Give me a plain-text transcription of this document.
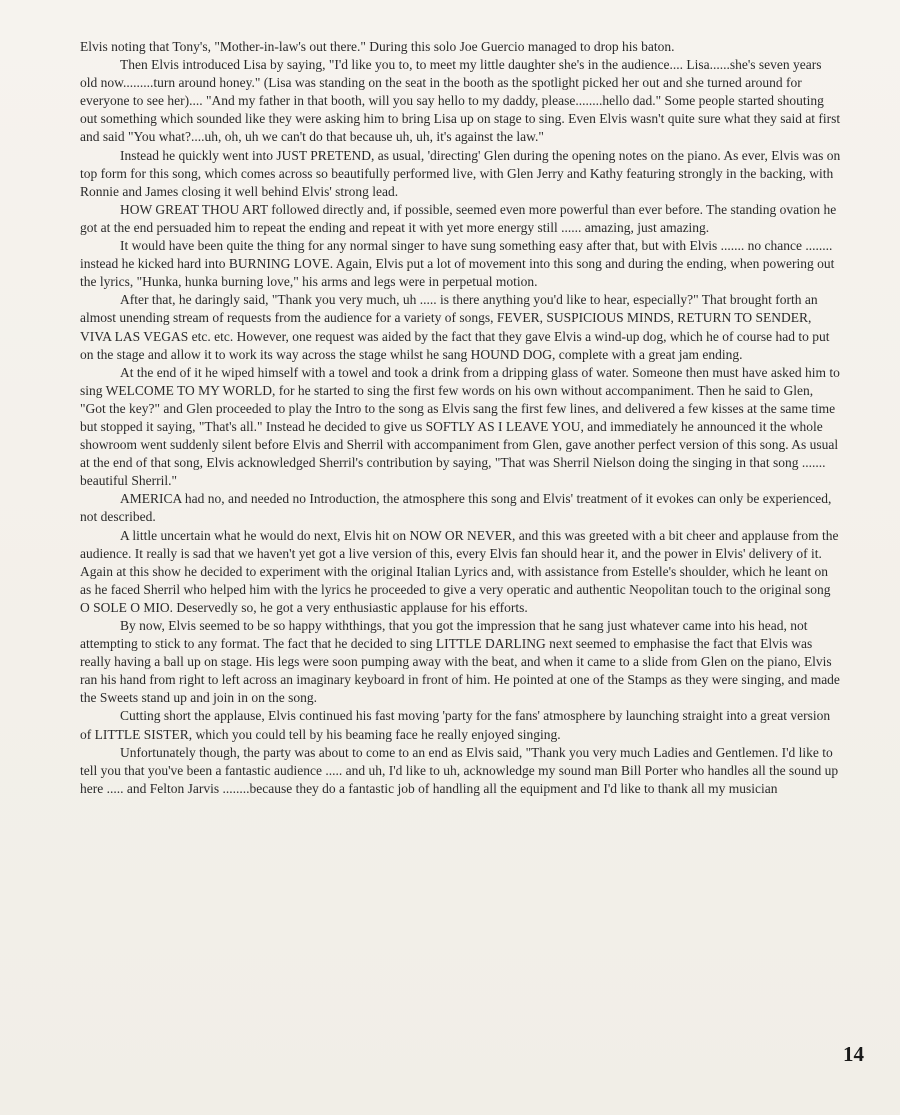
Elvis noting that Tony's, "Mother-in-law's out there." During this solo Joe Guercio managed to drop his baton.

Then Elvis introduced Lisa by saying, "I'd like you to, to meet my little daughter she's in the audience.... Lisa......she's seven years old now.........turn around honey." (Lisa was standing on the seat in the booth as the spotlight picked her out and she turned around for everyone to see her).... "And my father in that booth, will you say hello to my daddy, please........hello dad." Some people started shouting out something which sounded like they were asking him to bring Lisa up on stage to sing. Even Elvis wasn't quite sure what they said at first and said "You what?....uh, oh, uh we can't do that because uh, uh, it's against the law."

Instead he quickly went into JUST PRETEND, as usual, 'directing' Glen during the opening notes on the piano. As ever, Elvis was on top form for this song, which comes across so beautifully performed live, with Glen Jerry and Kathy featuring strongly in the backing, with Ronnie and James closing it well behind Elvis' strong lead.

HOW GREAT THOU ART followed directly and, if possible, seemed even more powerful than ever before. The standing ovation he got at the end persuaded him to repeat the ending and repeat it with yet more energy still ...... amazing, just amazing.

It would have been quite the thing for any normal singer to have sung something easy after that, but with Elvis ....... no chance ........ instead he kicked hard into BURNING LOVE. Again, Elvis put a lot of movement into this song and during the ending, when powering out the lyrics, "Hunka, hunka burning love," his arms and legs were in perpetual motion.

After that, he daringly said, "Thank you very much, uh ..... is there anything you'd like to hear, especially?" That brought forth an almost unending stream of requests from the audience for a variety of songs, FEVER, SUSPICIOUS MINDS, RETURN TO SENDER, VIVA LAS VEGAS etc. etc. However, one request was aided by the fact that they gave Elvis a wind-up dog, which he of course had to put on the stage and allow it to work its way across the stage whilst he sang HOUND DOG, complete with a great jam ending.

At the end of it he wiped himself with a towel and took a drink from a dripping glass of water. Someone then must have asked him to sing WELCOME TO MY WORLD, for he started to sing the first few words on his own without accompaniment. Then he said to Glen, "Got the key?" and Glen proceeded to play the Intro to the song as Elvis sang the first few lines, and delivered a few kisses at the same time but stopped it saying, "That's all." Instead he decided to give us SOFTLY AS I LEAVE YOU, and immediately he announced it the whole showroom went suddenly silent before Elvis and Sherril with accompaniment from Glen, gave another perfect version of this song. As usual at the end of that song, Elvis acknowledged Sherril's contribution by saying, "That was Sherril Nielson doing the singing in that song ....... beautiful Sherril."

AMERICA had no, and needed no Introduction, the atmosphere this song and Elvis' treatment of it evokes can only be experienced, not described.

A little uncertain what he would do next, Elvis hit on NOW OR NEVER, and this was greeted with a bit cheer and applause from the audience. It really is sad that we haven't yet got a live version of this, every Elvis fan should hear it, and the power in Elvis' delivery of it. Again at this show he decided to experiment with the original Italian Lyrics and, with assistance from Estelle's shoulder, which he leant on as he faced Sherril who helped him with the lyrics he proceeded to give a very operatic and authentic Neopolitan touch to the original song O SOLE O MIO. Deservedly so, he got a very enthusiastic applause for his efforts.

By now, Elvis seemed to be so happy withthings, that you got the impression that he sang just whatever came into his head, not attempting to stick to any format. The fact that he decided to sing LITTLE DARLING next seemed to emphasise the fact that Elvis was really having a ball up on stage. His legs were soon pumping away with the beat, and when it came to a slide from Glen on the piano, Elvis ran his hand from right to left across an imaginary keyboard in front of him. He pointed at one of the Stamps as they were singing, and made the Sweets stand up and join in on the song.

Cutting short the applause, Elvis continued his fast moving 'party for the fans' atmosphere by launching straight into a great version of LITTLE SISTER, which you could tell by his beaming face he really enjoyed singing.

Unfortunately though, the party was about to come to an end as Elvis said, "Thank you very much Ladies and Gentlemen. I'd like to tell you that you've been a fantastic audience ..... and uh, I'd like to uh, acknowledge my sound man Bill Porter who handles all the sound up here ..... and Felton Jarvis ........because they do a fantastic job of handling all the equipment and I'd like to thank all my musician

14
